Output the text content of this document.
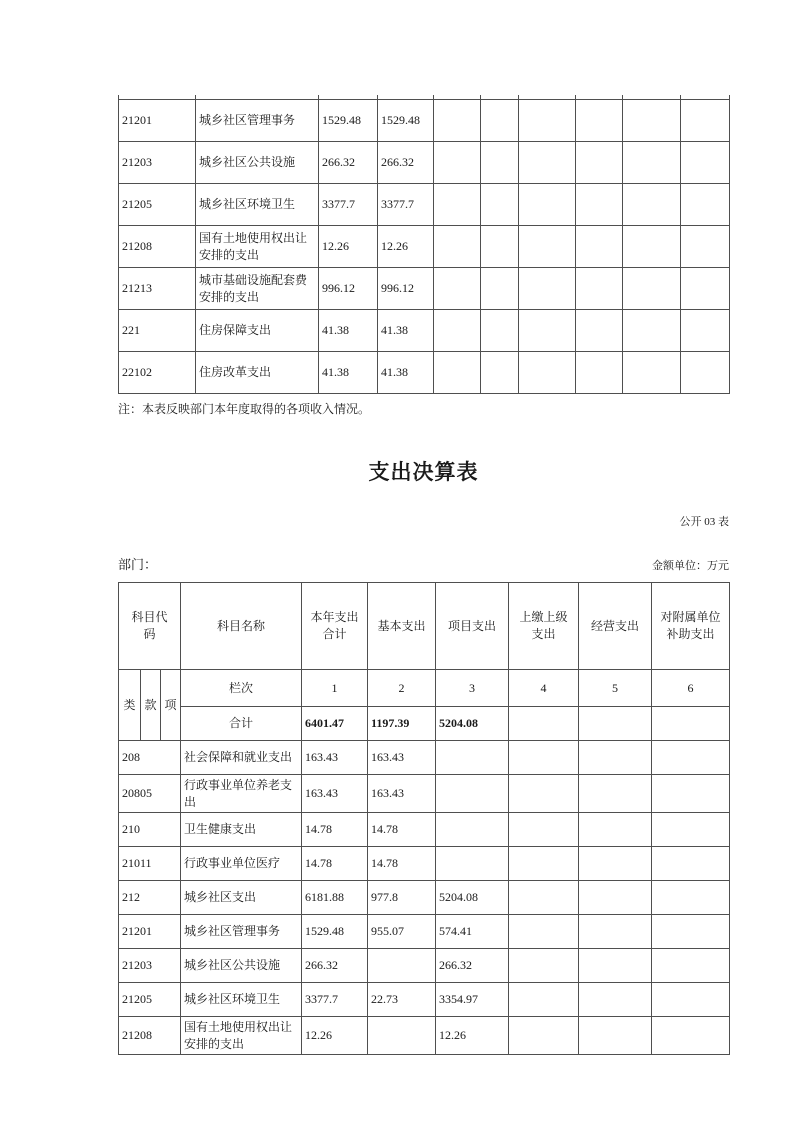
21201	城乡社区管理事务	1529.48	1529.48						
21203	城乡社区公共设施	266.32	266.32						
21205	城乡社区环境卫生	3377.7	3377.7						
21208	国有土地使用权出让安排的支出	12.26	12.26						
21213	城市基础设施配套费安排的支出	996.12	996.12						
221	住房保障支出	41.38	41.38						
22102	住房改革支出	41.38	41.38						

注：本表反映部门本年度取得的各项收入情况。

支出决算表
公开 03 表
部门：	金额单位：万元
科目代码			科目名称	本年支出合计	基本支出	项目支出	上缴上级支出	经营支出	对附属单位补助支出
类	款	项	栏次	1	2	3	4	5	6
			合计	6401.47	1197.39	5204.08			
208			社会保障和就业支出	163.43	163.43				
20805			行政事业单位养老支出	163.43	163.43				
210			卫生健康支出	14.78	14.78				
21011			行政事业单位医疗	14.78	14.78				
212			城乡社区支出	6181.88	977.8	5204.08			
21201			城乡社区管理事务	1529.48	955.07	574.41			
21203			城乡社区公共设施	266.32		266.32			
21205			城乡社区环境卫生	3377.7	22.73	3354.97			
21208			国有土地使用权出让安排的支出	12.26		12.26			
